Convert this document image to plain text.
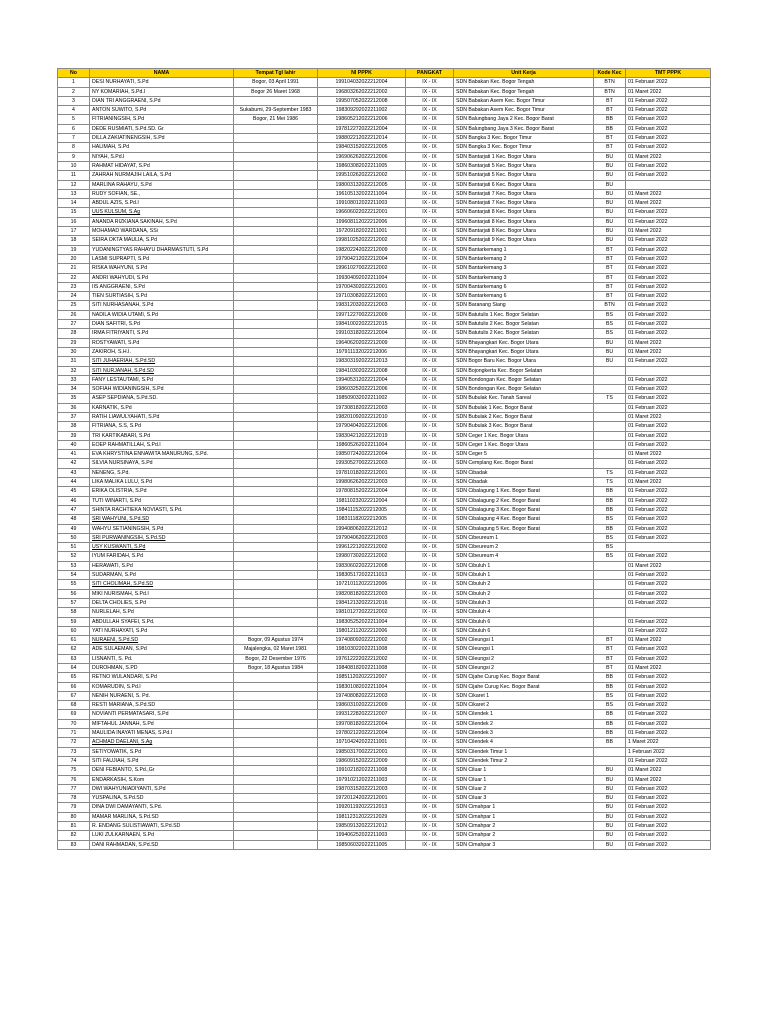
No	NAMA	Tempat Tgl lahir	NI PPPK	PANGKAT	Unit Kerja	Kode Kec	TMT PPPK
1	DESI NURHAYATI, S.Pd	Bogor, 03 April 1991	199104032022212004	IX - IX	SDN Babakan Kec. Bogor Tengah	BTN	01 Februari 2022
2	NY KOMARIAH, S.Pd.I	Bogor 26 Maret 1968	196803262022212002	IX - IX	SDN Babakan Kec. Bogor Tengah	BTN	01 Maret 2022
3	DIAN TRI ANGGRAENI, S.Pd		199507052022212008	IX - IX	SDN Babakan Asem Kec. Bogor Timur	BT	01 Februari 2022
4	ANTON SUWITO, S.Pd	Sukabumi, 29-September 1983	198309292022211002	IX - IX	SDN Babakan Asem Kec. Bogor Timur	BT	01 Februari 2022
5	FITRIANINGSIH, S.Pd	Bogor, 21 Mei 1986	198605212022212006	IX - IX	SDN Balungbang Jaya 2 Kec. Bogor Barat	BB	01 Februari 2022
6	DEDE RUSMIATI, S.Pd.SD. Gr		197812272022212004	IX - IX	SDN Balungbang Jaya 3 Kec. Bogor Barat	BB	01 Februari 2022
7	DILLA ZAKIATINENGSIH, S.Pd		198802212022212014	IX - IX	SDN Bangka 3 Kec. Bogor Timur	BT	01 Februari 2022
8	HALIMAH, S.Pd		198403152022212005	IX - IX	SDN Bangka 3 Kec. Bogor Timur	BT	01 Februari 2022
9	NIYAH, S.Pd.I		196906262022212006	IX - IX	SDN Bantarjati 1 Kec. Bogor Utara	BU	01 Maret 2022
10	RAHMAT HIDAYAT, S.Pd		198603082022211005	IX - IX	SDN Bantarjati 5 Kec. Bogor Utara	BU	01 Februari 2022
11	ZAHRAH NURMAJIH LAILA, S.Pd		199510262022212002	IX - IX	SDN Bantarjati 5 Kec. Bogor Utara	BU	01 Februari 2022
12	MARLINA RAHAYU, S.Pd		198003132022212005	IX - IX	SDN Bantarjati 6 Kec. Bogor Utara	BU	
13	RUDY SOFIAN, SE.,		196105132022211004	IX - IX	SDN Bantarjati 7 Kec. Bogor Utara	BU	01 Maret 2022
14	ABDUL AZIS, S.Pd.I		199108012022211003	IX - IX	SDN Bantarjati 7 Kec. Bogor Utara	BU	01 Maret 2022
15	UUS KULSUM, S.Ag		196606022022212001	IX - IX	SDN Bantarjati 8 Kec. Bogor Utara	BU	01 Februari 2022
16	ANANDA RIZKIANA SAKINAH, S.Pd		199608112022212006	IX - IX	SDN Bantarjati 8 Kec. Bogor Utara	BU	01 Februari 2022
17	MOHAMAD WARDANA, SSi		197209182022211001	IX - IX	SDN Bantarjati 8 Kec. Bogor Utara	BU	01 Maret 2022
18	SEIRA OKTA MAULIA, S.Pd		199810252022212002	IX - IX	SDN Bantarjati 9 Kec. Bogor Utara	BU	01 Februari 2022
19	YUDANINGTYAS RAHAYU DHARMASTUTI, S.Pd		198202242022212009	IX - IX	SDN Bantarkemang 1	BT	01 Februari 2022
20	LASMI SUPRAPTI, S.Pd		197904212022212004	IX - IX	SDN Bantarkemang 2	BT	01 Februari 2022
21	RISKA WAHYUNI, S.Pd		199610270022212002	IX - IX	SDN Bantarkemang 3	BT	01 Februari 2022
22	ANDRI WAHYUDI, S.Pd		199304092022211004	IX - IX	SDN Bantarkemang 3	BT	01 Februari 2022
23	IIS ANGGRAENI, S.Pd		197004302022212001	IX - IX	SDN Bantarkemang 6	BT	01 Februari 2022
24	TIEN SURTIASIH, S.Pd		197103082022212001	IX - IX	SDN Bantarkemang 6	BT	01 Februari 2022
25	SITI NURHASANAH, S.Pd		198312032022212003	IX - IX	SDN Baranang Siang	BTN	01 Februari 2022
26	NADILA WIDIA UTAMI, S.Pd		199712270022212009	IX - IX	SDN Batutulis 1 Kec. Bogor Selatan	BS	01 Februari 2022
27	DIAN SAFITRI, S.Pd		198410022022212015	IX - IX	SDN Batutulis 2 Kec. Bogor Selatan	BS	01 Februari 2022
28	IRMA FITRIYANTI, S.Pd		199103182022212004	IX - IX	SDN Batutulis 2 Kec. Bogor Selatan	BS	01 Februari 2022
29	ROSTYAWATI, S.Pd		196406202022212009	IX - IX	SDN Bhayangkari Kec. Bogor Utara	BU	01 Maret 2022
30	ZAKIROH, S.H.I.		197911132022212006	IX - IX	SDN Bhayangkari Kec. Bogor Utara	BU	01 Maret 2022
31	SITI JUHAERIAH, S.Pd.SD		198303192022212013	IX - IX	SDN Bogor Baru Kec. Bogor Utara	BU	01 Februari 2022
32	SITI NURJANAH, S.Pd.SD		198410302022212008	IX - IX	SDN Bojongkerta Kec. Bogor Selatan		
33	FANY LESTAUTAMI, S.Pd		199405312022212004	IX - IX	SDN Bondongan Kec. Bogor Selatan		01 Februari 2022
34	SOFIAH WIDIANINGSIH, S.Pd		198603252022212006	IX - IX	SDN Bondongan Kec. Bogor Selatan		01 Februari 2022
35	ASEP SEPDIANA, S.Pd.SD.		198509032022211002	IX - IX	SDN Bubulak Kec. Tanah Sareal	TS	01 Februari 2022
36	KARNATIK, S.Pd		197308182022212003	IX - IX	SDN Bubulak 1 Kec. Bogor Barat		01 Februari 2022
37	RATIH LIAWULYAHATI, S.Pd		198201092022212010	IX - IX	SDN Bubulak 2 Kec. Bogor Barat		01 Maret 2022
38	FITRIANA, S.S, S.Pd		197904042022212006	IX - IX	SDN Bubulak 3 Kec. Bogor Barat		01 Februari 2022
39	TRI KARTIKABARI, S.Pd		198304212022212019	IX - IX	SDN Ceger 1 Kec. Bogor Utara		01 Februari 2022
40	EOEP RAHMATILLAH, S.Pd.I		198605262022211004	IX - IX	SDN Ceger 1 Kec. Bogor Utara		01 Februari 2022
41	EVA KHRYSTINA ENNAWITA MANURUNG, S.Pd.		198507242022212004	IX - IX	SDN Ceger 5		01 Maret 2022
42	SILVIA NURSINAYA, S.Pd		199305270022212003	IX - IX	SDN Cemplang Kec. Bogor Barat		01 Februari 2022
43	NENENG, S.Pd.		197810182022212001	IX - IX	SDN Cibadak	TS	01 Februari 2022
44	LIKA MALIKA LULU, S.Pd		199806262022212003	IX - IX	SDN Cibadak	TS	01 Maret 2022
45	ERIKA OLISTRIA, S.Pd		197808152022212004	IX - IX	SDN Cibalagung 1 Kec. Bogor Barat	BB	01 Februari 2022
46	TUTI WINARTI, S.Pd		198110232022212004	IX - IX	SDN Cibalagung 2 Kec. Bogor Barat	BB	01 Februari 2022
47	SHINTA RACHTIEKA NOVIASTI, S.Pd.		198411152022212005	IX - IX	SDN Cibalagung 3 Kec. Bogor Barat	BB	01 Februari 2022
48	SRI WAHYUNI, S.Pd.SD		198311182022212005	IX - IX	SDN Cibalagung 4 Kec. Bogor Barat	BS	01 Februari 2022
49	WAHYU SETIANINGSIH, S.Pd		199408062022212012	IX - IX	SDN Cibalagung 5 Kec. Bogor Barat	BB	01 Februari 2022
50	SRI PURWANINGSIH, S.Pd.SD		197904062022212003	IX - IX	SDN Cibeureum 1	BS	01 Februari 2022
51	USY KUSWANTI, S.Pd		199612212022212002	IX - IX	SDN Cibeureum 2	BS	
52	IYUM FARIDAH, S.Pd		199807302022212002	IX - IX	SDN Cibeureum 4	BS	01 Februari 2022
53	HERAWATI, S.Pd		198306022022212008	IX - IX	SDN Cibuluh 1		01 Maret 2022
54	SUDARMAN, S.Pd		198305172022211013	IX - IX	SDN Cibuluh 1		01 Februari 2022
55	SITI CHOLIMAH, S.Pd.SD		197210112022212006	IX - IX	SDN Cibuluh 2		01 Februari 2022
56	MIKI NURISMAH, S.Pd.I		198208182022212003	IX - IX	SDN Cibuluh 2		01 Februari 2022
57	DELTA CHOLIES, S.Pd		198412132022212016	IX - IX	SDN Cibuluh 3		01 Februari 2022
58	NURLELAH, S.Pd		198101272022212002	IX - IX	SDN Cibuluh 4		
59	ABDULLAH SYAFEI, S.Pd.		198305252022211004	IX - IX	SDN Cibuluh 6		01 Februari 2022
60	YATI NURHAYATI, S.Pd		198012112022212006	IX - IX	SDN Cibuluh 6		01 Februari 2022
61	NURAENI, S.Pd.SD	Bogor, 09 Agustus 1974	197408092022212002	IX - IX	SDN Cileungsi 1	BT	01 Maret 2022
62	ADE SULAEMAN, S.Pd	Majalengka, 02 Maret 1981	198103022022211008	IX - IX	SDN Cileungsi 1	BT	01 Februari 2022
63	LISNANTI, S. Pd.	Bogor, 22 Desember 1976	197612222022212002	IX - IX	SDN Cileungsi 2	BT	01 Februari 2022
64	DUROHMAN, S.PD	Bogor, 18 Agustus 1984	198408182022211008	IX - IX	SDN Cileungsi 2	BT	01 Maret 2022
65	RETNO WULANDARI, S.Pd		198511202022212007	IX - IX	SDN Cijahe Curug Kec. Bogor Barat	BB	01 Februari 2022
66	KOMARUDIN, S.Pd.I		198301082022211004	IX - IX	SDN Cijahe Curug Kec. Bogor Barat	BB	01 Februari 2022
67	NENIH NURAENI, S. Pd.		197408082022212003	IX - IX	SDN Cikaret 1	BS	01 Februari 2022
68	RESTI MARIANA, S.Pd.SD		198603102022212009	IX - IX	SDN Cikaret 2	BS	01 Februari 2022
69	NOVIANTI PERMATASARI, S.Pd		199312282022212007	IX - IX	SDN Cilendek 1	BB	01 Februari 2022
70	MIFTAHUL JANNAH, S.Pd		199708182022212004	IX - IX	SDN Cilendek 2	BB	01 Februari 2022
71	MAULIDA INAYATI MENAS, S.Pd.I		197802122022212004	IX - IX	SDN Cilendek 3	BB	01 Februari 2022
72	ACHMAD DAELANI, S.Ag		197104242022211001	IX - IX	SDN Cilendek 4	BB	1 Maret 2022
73	SETIYOWATIK, S.Pd		198503170022212001	IX - IX	SDN Cilendek Timur 1		1 Februari 2022
74	SITI FAUJIAH, S.Pd		198609152022212009	IX - IX	SDN Cilendek Timur 2		01 Februari 2022
75	DENI FEBIANTO, S.Pd.,Gr		199102182022211008	IX - IX	SDN Ciluar 1	BU	01 Maret 2022
76	ENDARKASIH, S.Kom		197910212022211003	IX - IX	SDN Ciluar 1	BU	01 Maret 2022
77	DWI WAHYUNIADIYANTI, S.Pd		198703152022212003	IX - IX	SDN Ciluar 2	BU	01 Februari 2022
78	YUSPALINA, S.Pd.SD		197201242022212001	IX - IX	SDN Ciluar 3	BU	01 Februari 2022
79	DINA DWI DAMAYANTI, S.Pd.		199201192022212013	IX - IX	SDN Cimahpar 1	BU	01 Februari 2022
80	MAMAR MARLINA, S.Pd.SD		198112312022212029	IX - IX	SDN Cimahpar 1	BU	01 Februari 2022
81	R. ENDANG SULISTIAWATI, S.Pd.SD		198509132022212012	IX - IX	SDN Cimahpar 2	BU	01 Februari 2022
82	LUKI ZULKARNAEN, S.Pd		199406252022211003	IX - IX	SDN Cimahpar 2	BU	01 Februari 2022
83	DANI RAHMADAN, S.Pd.SD		198506032022211005	IX - IX	SDN Cimahpar 3	BU	01 Februari 2022
